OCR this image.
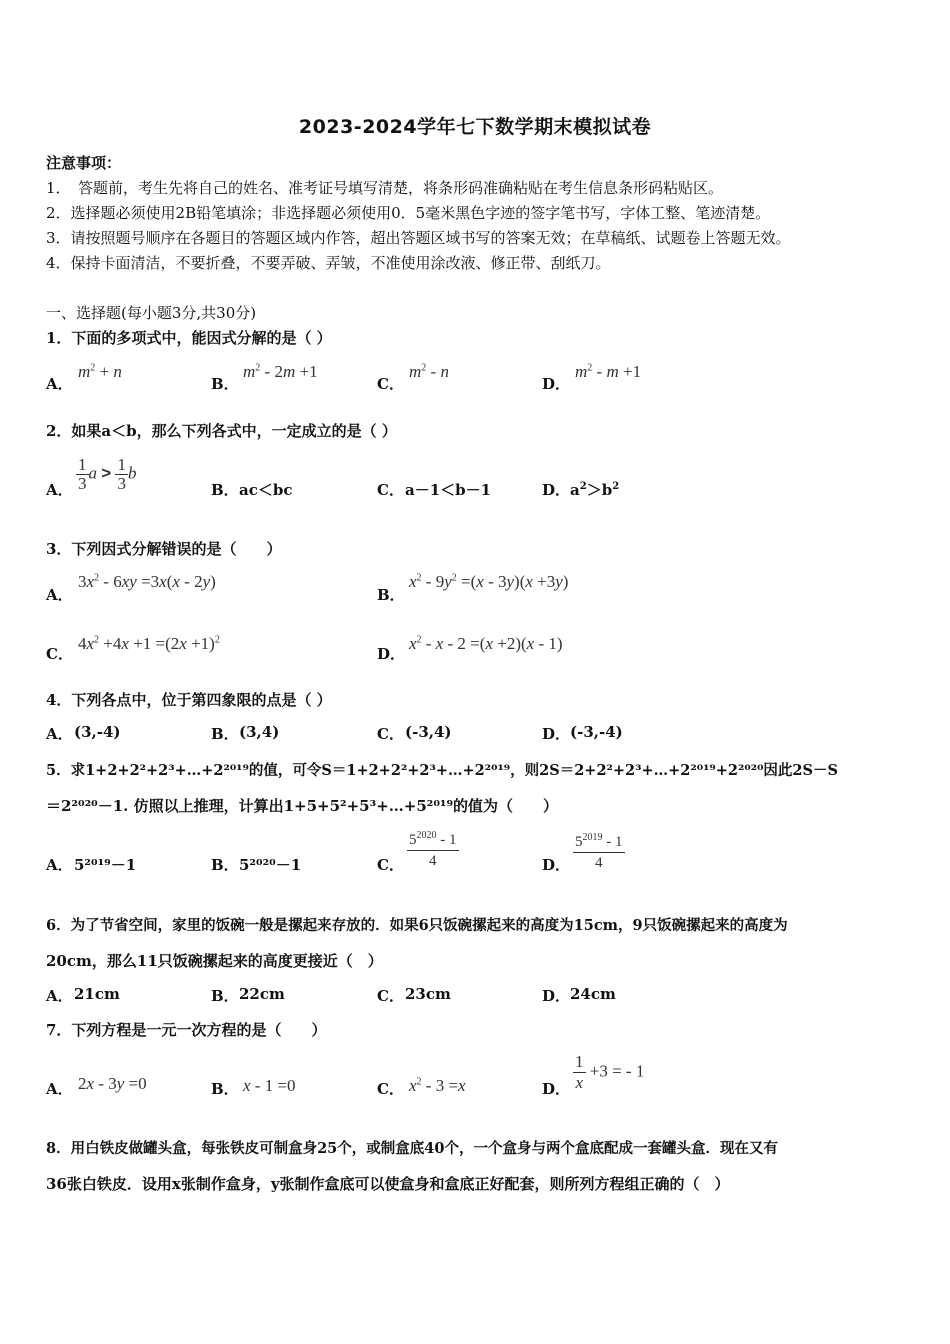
2023-2024学年七下数学期末模拟试卷
注意事项：
1．　答题前，考生先将自己的姓名、准考证号填写清楚，将条形码准确粘贴在考生信息条形码粘贴区。
2．选择题必须使用2B铅笔填涂；非选择题必须使用0．5毫米黑色字迹的签字笔书写，字体工整、笔迹清楚。
3．请按照题号顺序在各题目的答题区域内作答，超出答题区域书写的答案无效；在草稿纸、试题卷上答题无效。
4．保持卡面清洁，不要折叠，不要弄破、弄皱，不准使用涂改液、修正带、刮纸刀。
一、选择题(每小题3分,共30分)
1．下面的多项式中，能因式分解的是（ ）
A．
$m^2 + n$
B．
$m^2 - 2m +1$
C．
$m^2$ - n
D．
$m^2 - m +1$
2．如果a＜b，那么下列各式中，一定成立的是（ ）
A． $\frac{1}{3}$ $a > \frac{1}{3}$ b
B． ac＜bc	C． a－1＜b－1	D． $a^2>b^2$
3．下列因式分解错误的是（　　）
A．
$3x^2 - 6xy =3x(x - 2y)$
B．
$x^2 - 9y^2 =(x - 3y)(x +3y)$
C．
$4x^2 +4x +1 =(2x +1)^2$
D．
$x^2 - x - 2 =(x +2)(x - 1)$
4．下列各点中，位于第四象限的点是（ ）
A． (3,-4)	B． (3,4)	C． (-3,4)	D． (-3,-4)
5．求1+2+2²+2³+…+2²⁰¹⁹的值，可令S＝1+2+2²+2³+…+2²⁰¹⁹，则2S＝2+2²+2³+…+2²⁰¹⁹+2²⁰²⁰因此2S－S
＝2²⁰²⁰－1. 仿照以上推理，计算出1+5+5²+5³+…+5²⁰¹⁹的值为（　　）
A． 5²⁰¹⁹－1	B． 5²⁰²⁰－1	C． $\frac{5^{2020} - 1}{4}$	D． $\frac{5^{2019} - 1}{4}$
6．为了节省空间，家里的饭碗一般是摞起来存放的．如果6只饭碗摞起来的高度为15cm，9只饭碗摞起来的高度为
20cm，那么11只饭碗摞起来的高度更接近（　）
A． 21cm	B． 22cm	C． 23cm	D． 24cm
7．下列方程是一元一次方程的是（　　）
A． 2x - 3y =0	B． x - 1 =0	C． $x^2 - 3 =x$	D． $\frac{1}{x} +3$ = - 1
8．用白铁皮做罐头盒，每张铁皮可制盒身25个，或制盒底40个，一个盒身与两个盒底配成一套罐头盒．现在又有
36张白铁皮．设用x张制作盒身，y张制作盒底可以使盒身和盒底正好配套，则所列方程组正确的（　）
